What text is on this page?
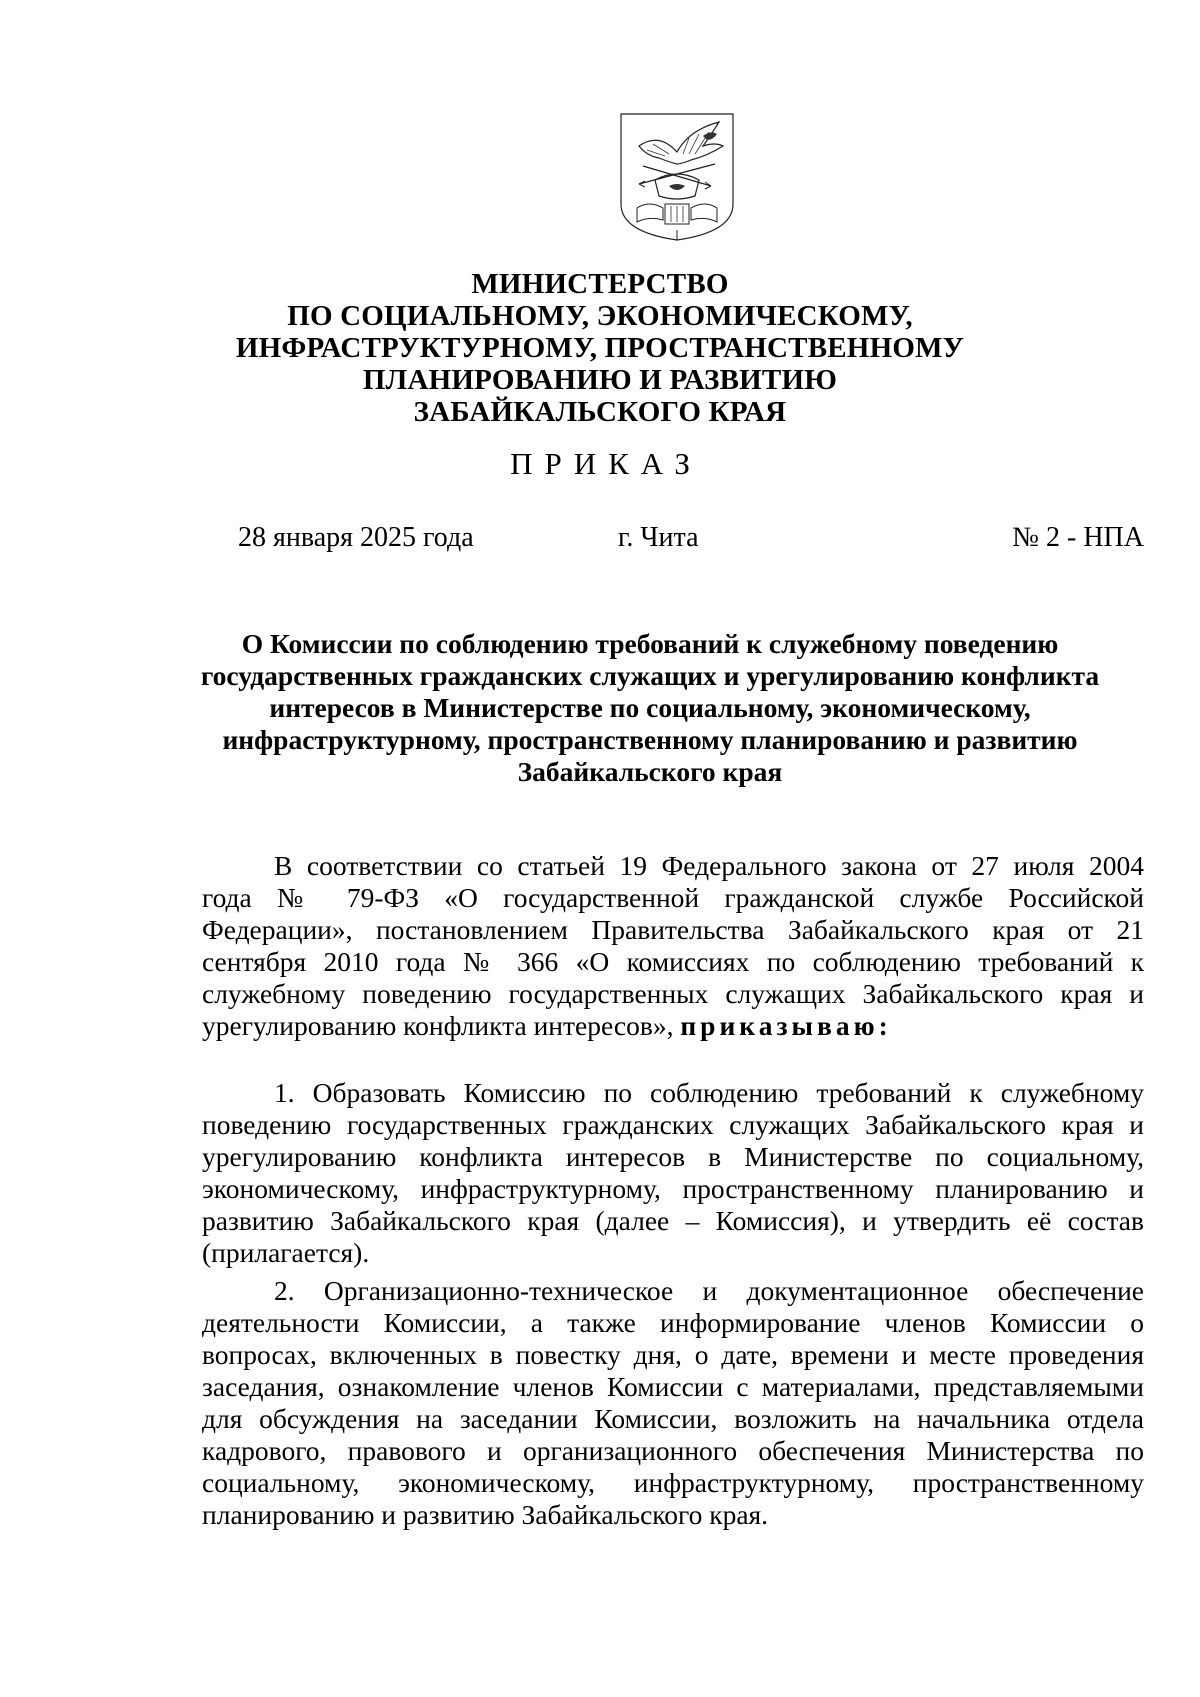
МИНИСТЕРСТВО
ПО СОЦИАЛЬНОМУ, ЭКОНОМИЧЕСКОМУ,
ИНФРАСТРУКТУРНОМУ, ПРОСТРАНСТВЕННОМУ
ПЛАНИРОВАНИЮ И РАЗВИТИЮ
ЗАБАЙКАЛЬСКОГО КРАЯ
ПРИКАЗ
28 января 2025 года	г. Чита	№ 2 - НПА
О Комиссии по соблюдению требований к служебному поведению
государственных гражданских служащих и урегулированию конфликта
интересов в Министерстве по социальному, экономическому,
инфраструктурному, пространственному планированию и развитию
Забайкальского края
В соответствии со статьей 19 Федерального закона от 27 июля 2004
года № 79-ФЗ «О государственной гражданской службе Российской
Федерации», постановлением Правительства Забайкальского края от 21
сентября 2010 года № 366 «О комиссиях по соблюдению требований к
служебному поведению государственных служащих Забайкальского края и
урегулированию конфликта интересов», приказываю:
1. Образовать Комиссию по соблюдению требований к служебному
поведению государственных гражданских служащих Забайкальского края и
урегулированию конфликта интересов в Министерстве по социальному,
экономическому, инфраструктурному, пространственному планированию и
развитию Забайкальского края (далее – Комиссия), и утвердить её состав
(прилагается).
2. Организационно-техническое и документационное обеспечение
деятельности Комиссии, а также информирование членов Комиссии о
вопросах, включенных в повестку дня, о дате, времени и месте проведения
заседания, ознакомление членов Комиссии с материалами, представляемыми
для обсуждения на заседании Комиссии, возложить на начальника отдела
кадрового, правового и организационного обеспечения Министерства по
социальному, экономическому, инфраструктурному, пространственному
планированию и развитию Забайкальского края.
